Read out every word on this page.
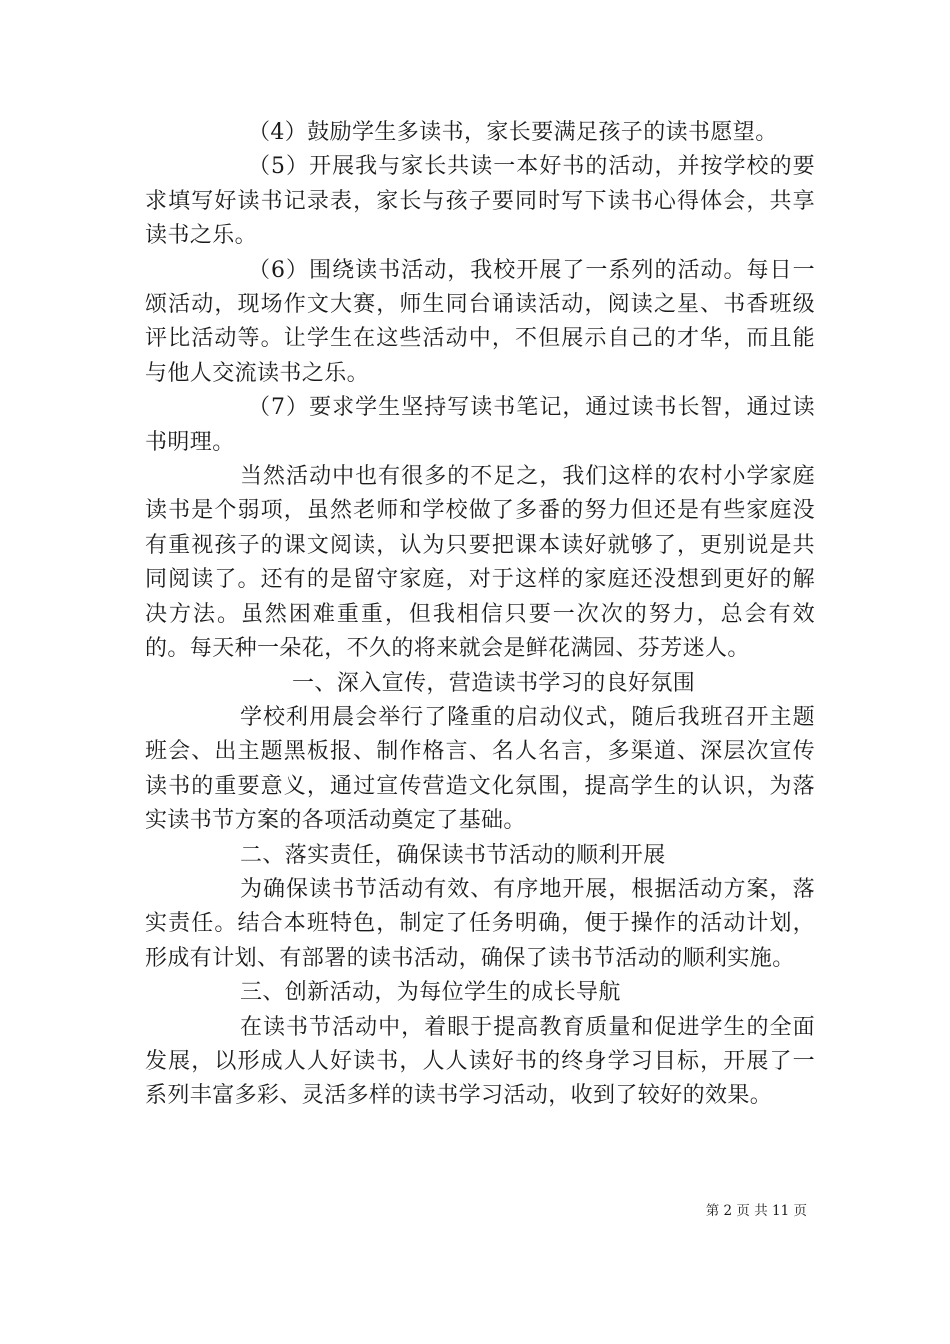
（4）鼓励学生多读书，家长要满足孩子的读书愿望。

（5）开展我与家长共读一本好书的活动，并按学校的要求填写好读书记录表，家长与孩子要同时写下读书心得体会，共享读书之乐。

（6）围绕读书活动，我校开展了一系列的活动。每日一颂活动，现场作文大赛，师生同台诵读活动，阅读之星、书香班级评比活动等。让学生在这些活动中，不但展示自己的才华，而且能与他人交流读书之乐。

（7）要求学生坚持写读书笔记，通过读书长智，通过读书明理。

当然活动中也有很多的不足之，我们这样的农村小学家庭读书是个弱项，虽然老师和学校做了多番的努力但还是有些家庭没有重视孩子的课文阅读，认为只要把课本读好就够了，更别说是共同阅读了。还有的是留守家庭，对于这样的家庭还没想到更好的解决方法。虽然困难重重，但我相信只要一次次的努力，总会有效的。每天种一朵花，不久的将来就会是鲜花满园、芬芳迷人。

一、深入宣传，营造读书学习的良好氛围

学校利用晨会举行了隆重的启动仪式，随后我班召开主题班会、出主题黑板报、制作格言、名人名言，多渠道、深层次宣传读书的重要意义，通过宣传营造文化氛围，提高学生的认识，为落实读书节方案的各项活动奠定了基础。

二、落实责任，确保读书节活动的顺利开展

为确保读书节活动有效、有序地开展，根据活动方案，落实责任。结合本班特色，制定了任务明确，便于操作的活动计划，形成有计划、有部署的读书活动，确保了读书节活动的顺利实施。

三、创新活动，为每位学生的成长导航

在读书节活动中，着眼于提高教育质量和促进学生的全面发展，以形成人人好读书，人人读好书的终身学习目标，开展了一系列丰富多彩、灵活多样的读书学习活动，收到了较好的效果。

第 2 页 共 11 页
